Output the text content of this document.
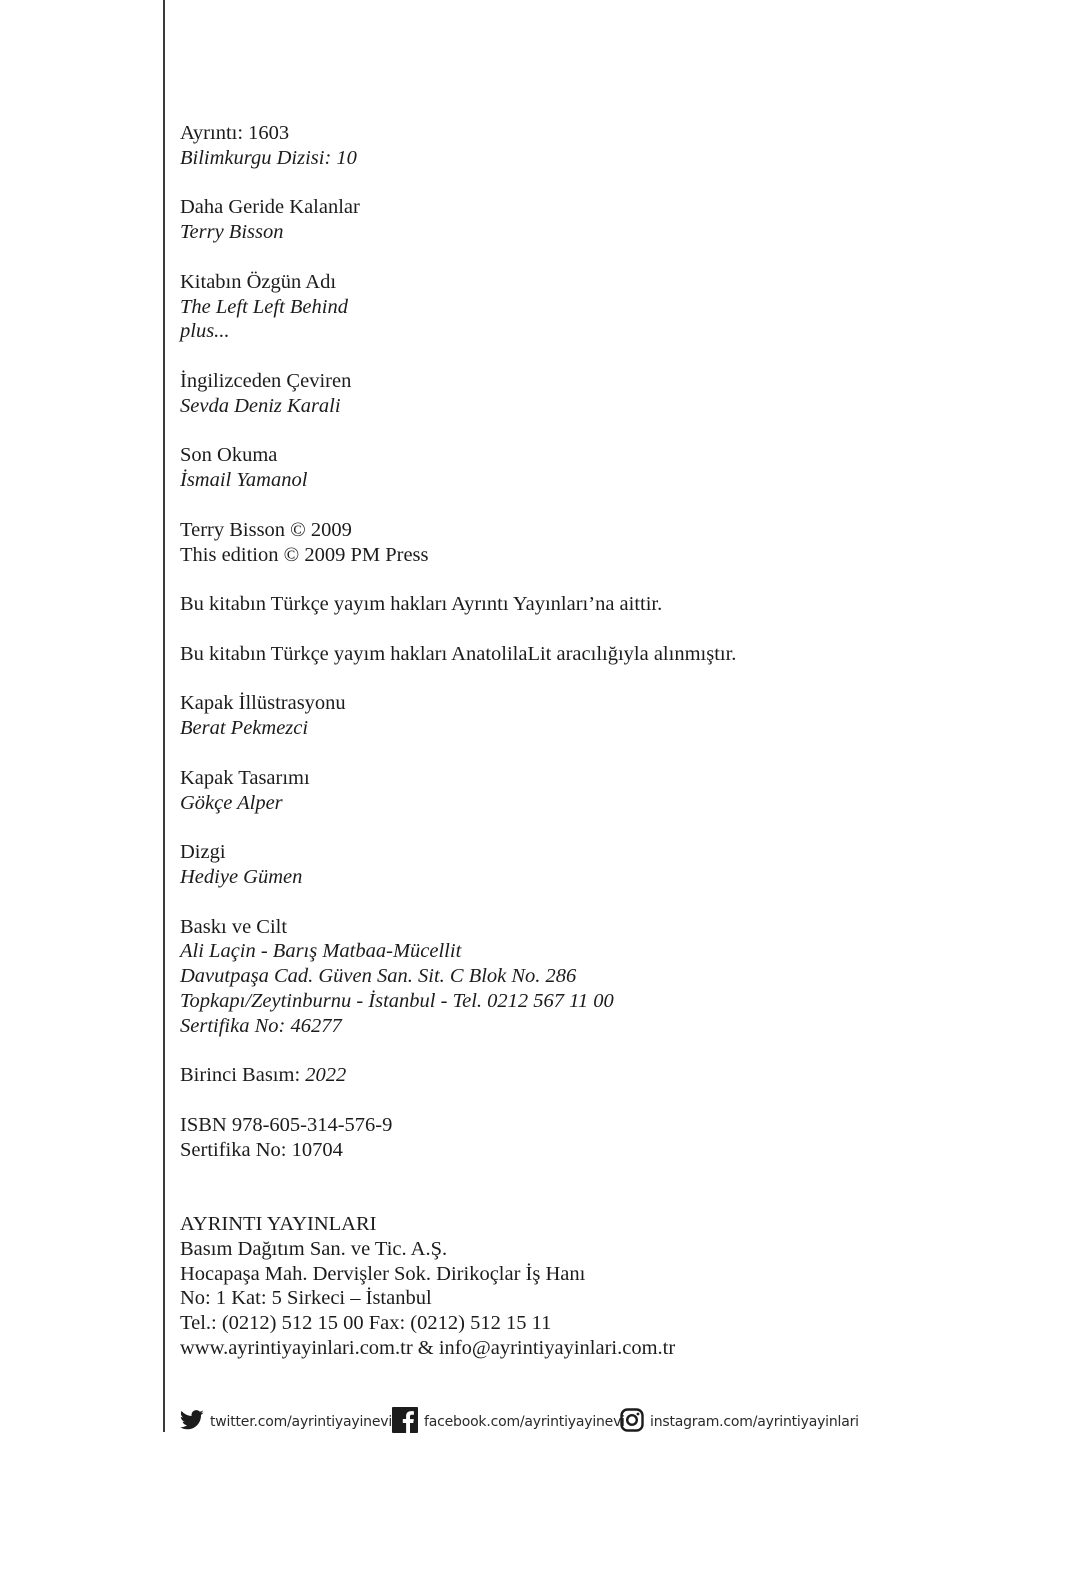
Ayrıntı: 1603
Bilimkurgu Dizisi: 10
Daha Geride Kalanlar
Terry Bisson
Kitabın Özgün Adı
The Left Left Behind
plus...
İngilizceden Çeviren
Sevda Deniz Karali
Son Okuma
İsmail Yamanol
Terry Bisson © 2009
This edition © 2009 PM Press
Bu kitabın Türkçe yayım hakları Ayrıntı Yayınları’na aittir.
Bu kitabın Türkçe yayım hakları AnatolilaLit aracılığıyla alınmıştır.
Kapak İllüstrasyonu
Berat Pekmezci
Kapak Tasarımı
Gökçe Alper
Dizgi
Hediye Gümen
Baskı ve Cilt
Ali Laçin - Barış Matbaa-Mücellit
Davutpaşa Cad. Güven San. Sit. C Blok No. 286
Topkapı/Zeytinburnu - İstanbul - Tel. 0212 567 11 00
Sertifika No: 46277
Birinci Basım: 2022
ISBN 978-605-314-576-9
Sertifika No: 10704
AYRINTI YAYINLARI
Basım Dağıtım San. ve Tic. A.Ş.
Hocapaşa Mah. Dervişler Sok. Dirikoçlar İş Hanı
No: 1 Kat: 5 Sirkeci – İstanbul
Tel.: (0212) 512 15 00 Fax: (0212) 512 15 11
www.ayrintiyayinlari.com.tr & info@ayrintiyayinlari.com.tr
twitter.com/ayrintiyayinevi facebook.com/ayrintiyayinevi instagram.com/ayrintiyayinlari
